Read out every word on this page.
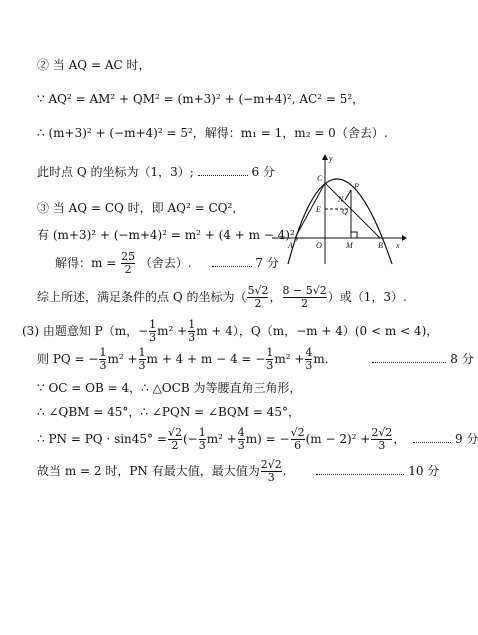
② 当 AQ = AC 时，
∵ AQ² = AM² + QM² = (m+3)² + (−m+4)², AC² = 5²，
∴ (m+3)² + (−m+4)² = 5²，解得：m₁ = 1，m₂ = 0（舍去）.
此时点 Q 的坐标为（1，3）;	6 分
③ 当 AQ = CQ 时，即 AQ² = CQ²，
有 (m+3)² + (−m+4)² = m² + (4 + m − 4)²，
解得：$m = \frac{25}{2}$ （舍去）.	7 分
综上所述，满足条件的点 Q 的坐标为（ $\frac{5√2}{2}$ ， $\frac{8 - 5√2}{2}$ ）或（1，3）.
(3) 由题意知 P（m，− $\frac{1}{3} m^2 + \frac{1}{3}$ m + 4），Q（m，−m + 4）(0 < m < 4)，
则 PQ = − $\frac{1}{3} m^2 + \frac{1}{3}$ m + 4 + m − 4 = − $\frac{1}{3} m^2 + \frac{4}{3} m$.	8 分
∵ OC = OB = 4，∴ △OCB 为等腰直角三角形，
∴ ∠QBM = 45°，∴ ∠PQN = ∠BQM = 45°，
∴ PN = PQ · $\sin 45^\circ = \frac{√2}{2}$ (− $\frac{1}{3} m^2 + \frac{4}{3} m$) = − $\frac{√2}{6} (m - 2)^2 + \frac{2√2}{3}$ ，	9 分
故当 m = 2 时，PN 有最大值，最大值为 $\frac{2√2}{3}$ .	10 分
y
x
C
P
N
Q
E
A	O	M	B
